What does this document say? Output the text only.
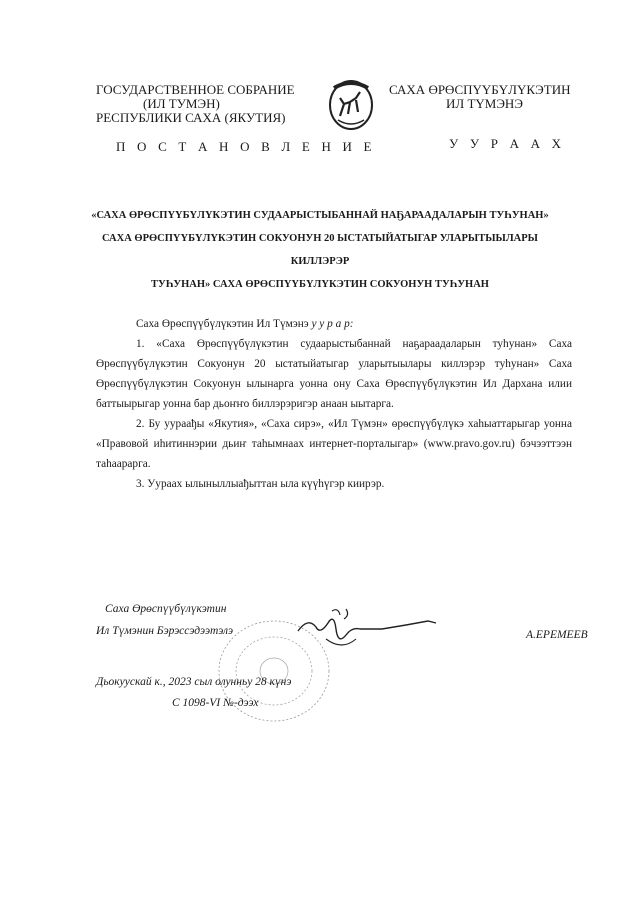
ГОСУДАРСТВЕННОЕ СОБРАНИЕ
(ИЛ ТУМЭН)
РЕСПУБЛИКИ САХА (ЯКУТИЯ)
САХА ӨРӨСПҮҮБҮЛҮКЭТИН
ИЛ ТҮМЭНЭ
П О С Т А Н О В Л Е Н И Е	У У Р А А Х
«САХА ӨРӨСПҮҮБҮЛҮКЭТИН СУДААРЫСТЫБАННАЙ НАҔАРААДАЛАРЫН ТУҺУНАН»
САХА ӨРӨСПҮҮБҮЛҮКЭТИН СОКУОНУН 20 ЫСТАТЫЙАТЫГАР УЛАРЫТЫЫЛАРЫ КИЛЛЭРЭР
ТУҺУНАН» САХА ӨРӨСПҮҮБҮЛҮКЭТИН СОКУОНУН ТУҺУНАН

Саха Өрөспүүбүлүкэтин Ил Түмэнэ у у р а р:

1. «Саха Өрөспүүбүлүкэтин судаарыстыбаннай наҕараадаларын туһунан» Саха Өрөспүүбүлүкэтин Сокуонун 20 ыстатыйатыгар уларытыылары киллэрэр туһунан» Саха Өрөспүүбүлүкэтин Сокуонун ылынарга уонна ону Саха Өрөспүүбүлүкэтин Ил Дархана илии баттыырыгар уонна бар дьоҥҥо биллэрэригэр анаан ыытарга.

2. Бу уураађы «Якутия», «Саха сирэ», «Ил Түмэн» өрөспүүбүлүкэ хаһыаттарыгар уонна «Правовой иһитиннэрии дьиҥ таһымнаах интернет-порталыгар» (www.pravo.gov.ru) бэчээттээн таһаарарга.

3. Уураах ылыныллыађыттан ыла күүһүгэр киирэр.

Саха Өрөспүүбүлүкэтин
Ил Түмэнин Бэрэссэдээтэлэ	А.ЕРЕМЕЕВ
Дьокуускай к., 2023 сыл олунньу 28 күнэ
С 1098-VI №-дээх
